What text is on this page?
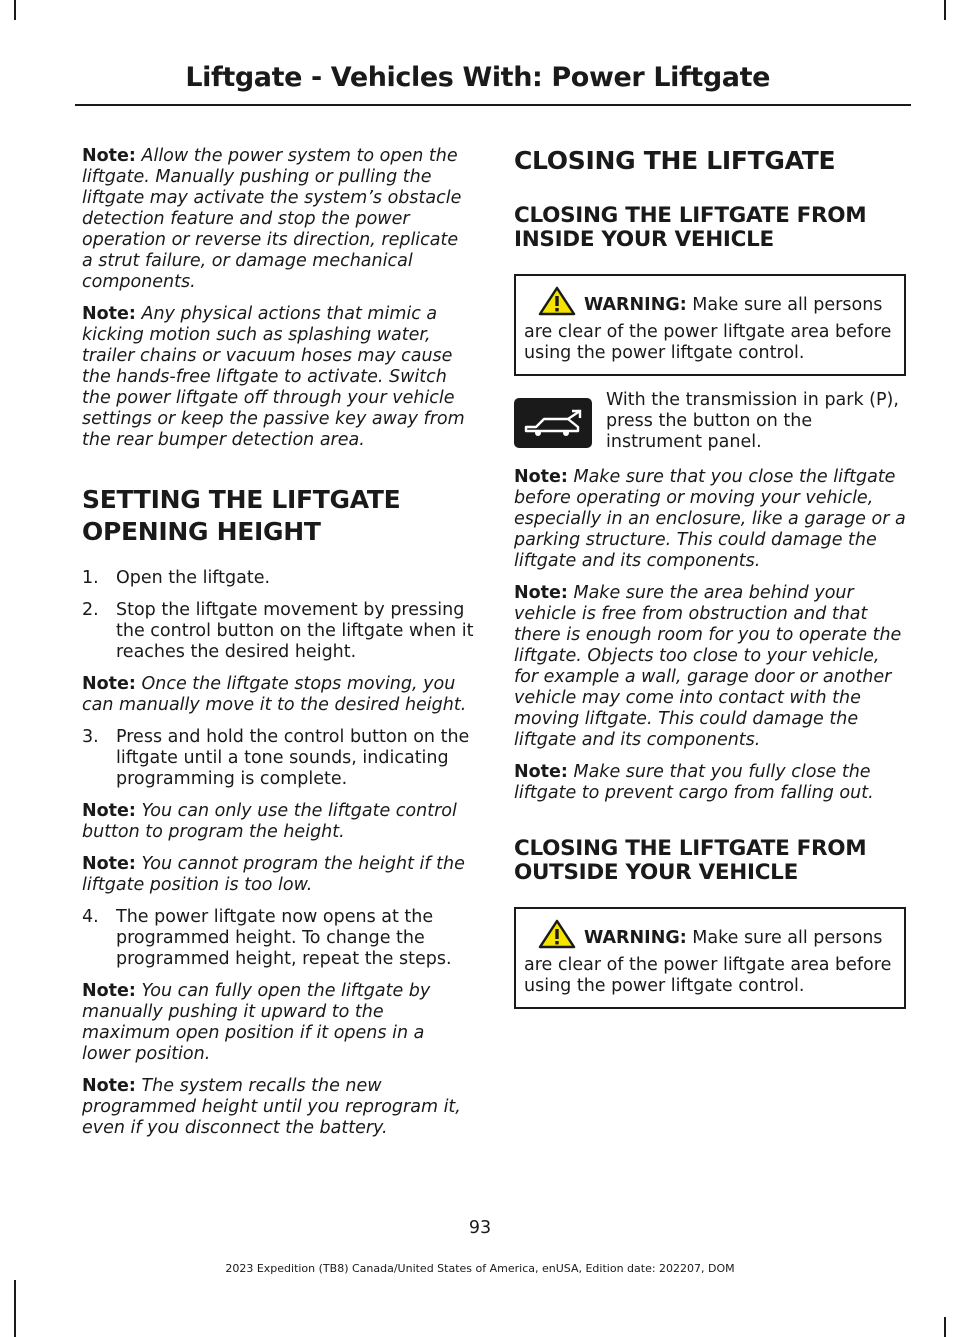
Liftgate - Vehicles With: Power Liftgate

Note: Allow the power system to open the liftgate. Manually pushing or pulling the liftgate may activate the system’s obstacle detection feature and stop the power operation or reverse its direction, replicate a strut failure, or damage mechanical components.

Note: Any physical actions that mimic a kicking motion such as splashing water, trailer chains or vacuum hoses may cause the hands-free liftgate to activate. Switch the power liftgate off through your vehicle settings or keep the passive key away from the rear bumper detection area.

SETTING THE LIFTGATE
OPENING HEIGHT
1. Open the liftgate.
2. Stop the liftgate movement by pressing the control button on the liftgate when it reaches the desired height.

Note: Once the liftgate stops moving, you can manually move it to the desired height.

3. Press and hold the control button on the liftgate until a tone sounds, indicating programming is complete.

Note: You can only use the liftgate control button to program the height.

Note: You cannot program the height if the liftgate position is too low.

4. The power liftgate now opens at the programmed height. To change the programmed height, repeat the steps.

Note: You can fully open the liftgate by manually pushing it upward to the maximum open position if it opens in a lower position.

Note: The system recalls the new programmed height until you reprogram it, even if you disconnect the battery.

CLOSING THE LIFTGATE
CLOSING THE LIFTGATE FROM INSIDE YOUR VEHICLE
WARNING: Make sure all persons are clear of the power liftgate area before using the power liftgate control.

With the transmission in park (P), press the button on the instrument panel.

Note: Make sure that you close the liftgate before operating or moving your vehicle, especially in an enclosure, like a garage or a parking structure. This could damage the liftgate and its components.

Note: Make sure the area behind your vehicle is free from obstruction and that there is enough room for you to operate the liftgate. Objects too close to your vehicle, for example a wall, garage door or another vehicle may come into contact with the moving liftgate. This could damage the liftgate and its components.

Note: Make sure that you fully close the liftgate to prevent cargo from falling out.

CLOSING THE LIFTGATE FROM OUTSIDE YOUR VEHICLE
WARNING: Make sure all persons are clear of the power liftgate area before using the power liftgate control.
93
2023 Expedition (TB8) Canada/United States of America, enUSA, Edition date: 202207, DOM
